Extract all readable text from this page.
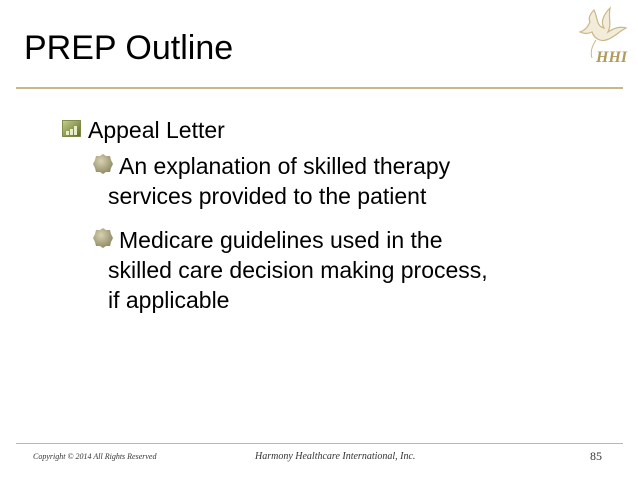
PREP Outline	HHI
Appeal Letter
An explanation of skilled therapy
services provided to the patient
Medicare guidelines used in the
skilled care decision making process,
if applicable
Copyright © 2014 All Rights Reserved	Harmony Healthcare International, Inc.	85
